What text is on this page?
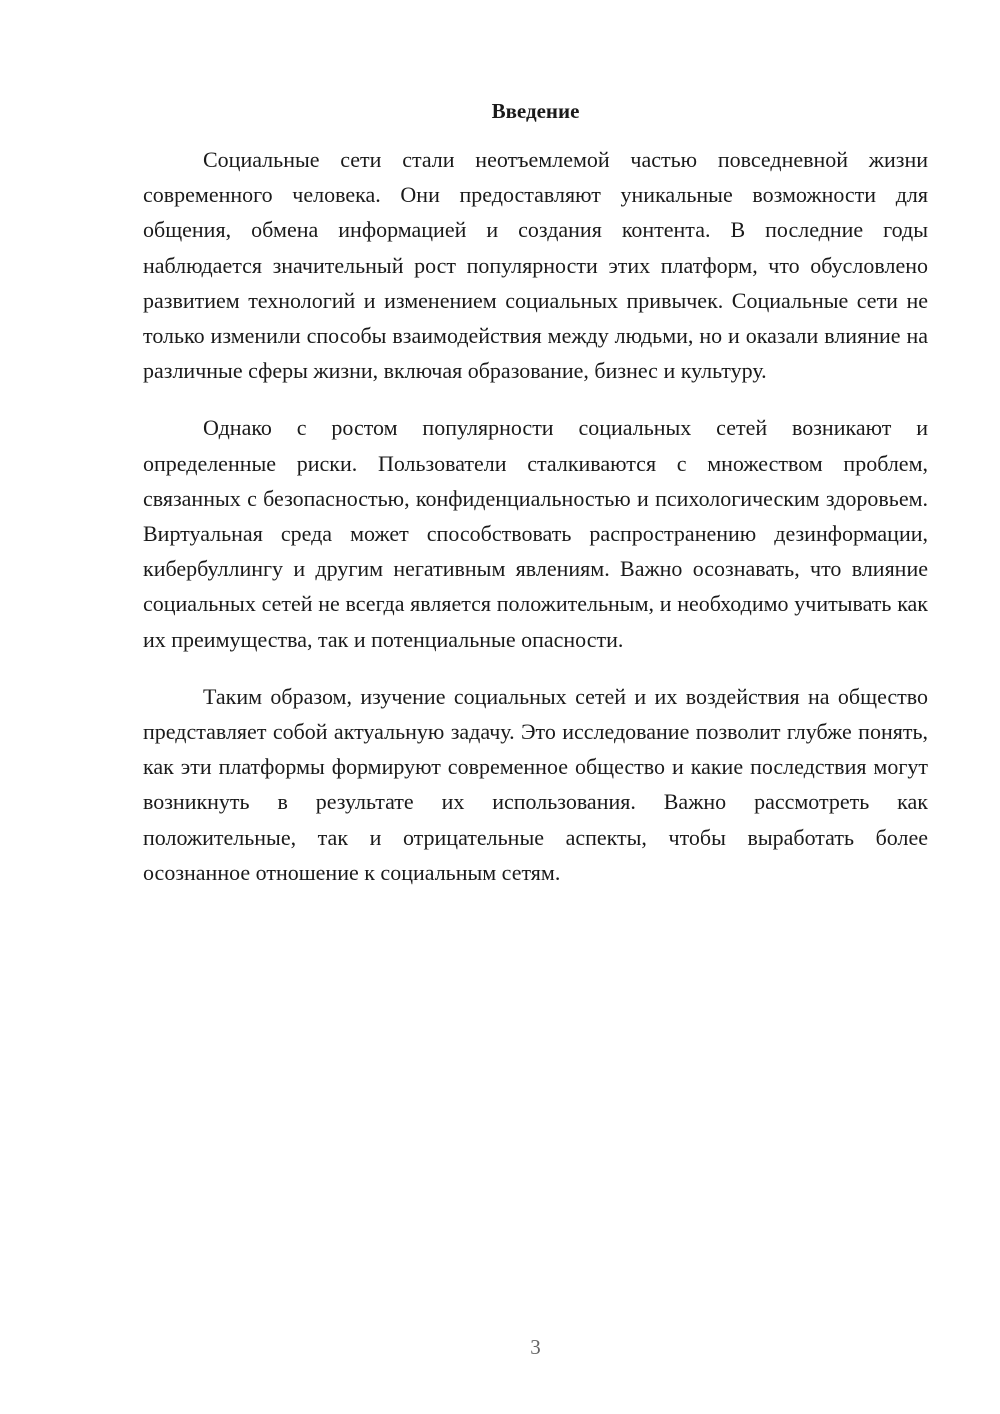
Введение

Социальные сети стали неотъемлемой частью повседневной жизни современного человека. Они предоставляют уникальные возможности для общения, обмена информацией и создания контента. В последние годы наблюдается значительный рост популярности этих платформ, что обусловлено развитием технологий и изменением социальных привычек. Социальные сети не только изменили способы взаимодействия между людьми, но и оказали влияние на различные сферы жизни, включая образование, бизнес и культуру.

Однако с ростом популярности социальных сетей возникают и определенные риски. Пользователи сталкиваются с множеством проблем, связанных с безопасностью, конфиденциальностью и психологическим здоровьем. Виртуальная среда может способствовать распространению дезинформации, кибербуллингу и другим негативным явлениям. Важно осознавать, что влияние социальных сетей не всегда является положительным, и необходимо учитывать как их преимущества, так и потенциальные опасности.

Таким образом, изучение социальных сетей и их воздействия на общество представляет собой актуальную задачу. Это исследование позволит глубже понять, как эти платформы формируют современное общество и какие последствия могут возникнуть в результате их использования. Важно рассмотреть как положительные, так и отрицательные аспекты, чтобы выработать более осознанное отношение к социальным сетям.

3
